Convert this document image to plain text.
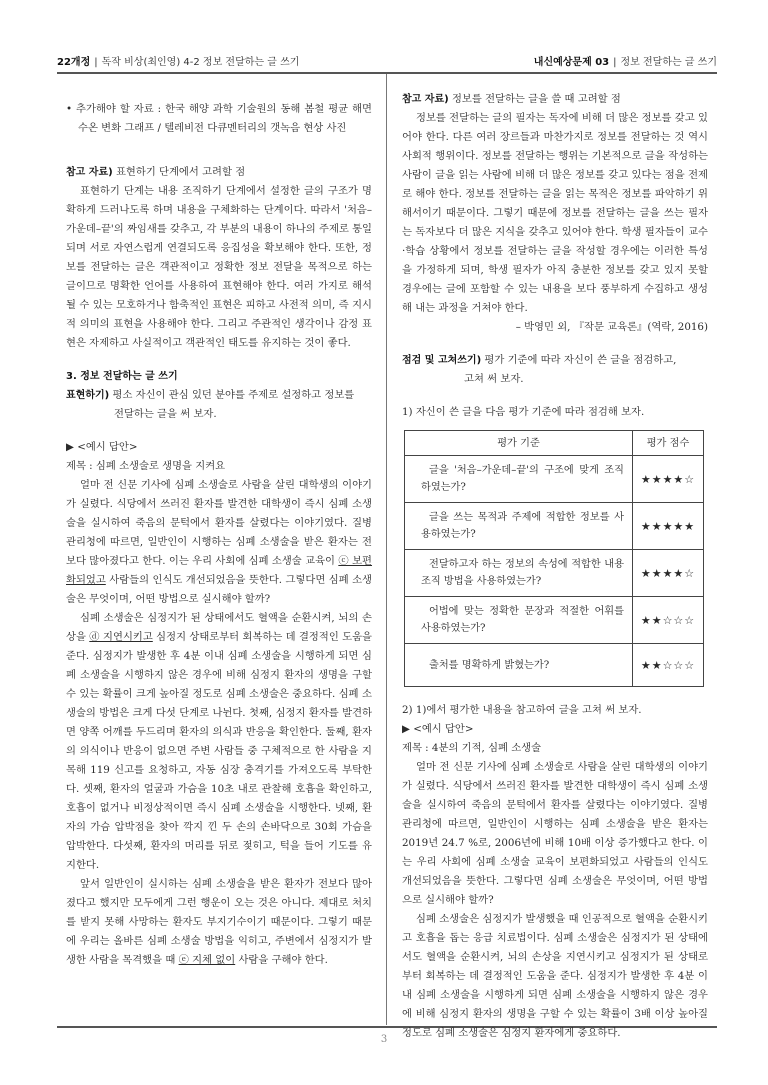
22개정 | 독작 비상(최인영) 4-2 정보 전달하는 글 쓰기	내신예상문제 03 | 정보 전달하는 글 쓰기

• 추가해야 할 자료 : 한국 해양 과학 기술원의 동해 봄철 평균 해면 수온 변화 그래프 / 텔레비전 다큐멘터리의 갯녹음 현상 사진

참고 자료) 표현하기 단계에서 고려할 점

표현하기 단계는 내용 조직하기 단계에서 설정한 글의 구조가 명확하게 드러나도록 하며 내용을 구체화하는 단계이다. 따라서 '처음–가운데–끝'의 짜임새를 갖추고, 각 부분의 내용이 하나의 주제로 통일되며 서로 자연스럽게 연결되도록 응집성을 확보해야 한다. 또한, 정보를 전달하는 글은 객관적이고 정확한 정보 전달을 목적으로 하는 글이므로 명확한 언어를 사용하여 표현해야 한다. 여러 가지로 해석될 수 있는 모호하거나 함축적인 표현은 피하고 사전적 의미, 즉 지시적 의미의 표현을 사용해야 한다. 그리고 주관적인 생각이나 감정 표현은 자제하고 사실적이고 객관적인 태도를 유지하는 것이 좋다.

3. 정보 전달하는 글 쓰기

표현하기) 평소 자신이 관심 있던 분야를 주제로 설정하고 정보를

전달하는 글을 써 보자.

▶ <예시 답안>

제목 : 심폐 소생술로 생명을 지켜요

얼마 전 신문 기사에 심폐 소생술로 사람을 살린 대학생의 이야기가 실렸다. 식당에서 쓰러진 환자를 발견한 대학생이 즉시 심폐 소생술을 실시하여 죽음의 문턱에서 환자를 살렸다는 이야기였다. 질병 관리청에 따르면, 일반인이 시행하는 심폐 소생술을 받은 환자는 전보다 많아졌다고 한다. 이는 우리 사회에 심폐 소생술 교육이 ⓒ 보편화되었고 사람들의 인식도 개선되었음을 뜻한다. 그렇다면 심폐 소생술은 무엇이며, 어떤 방법으로 실시해야 할까?

심폐 소생술은 심정지가 된 상태에서도 혈액을 순환시켜, 뇌의 손상을 ⓓ 지연시키고 심정지 상태로부터 회복하는 데 결정적인 도움을 준다. 심정지가 발생한 후 4분 이내 심폐 소생술을 시행하게 되면 심폐 소생술을 시행하지 않은 경우에 비해 심정지 환자의 생명을 구할 수 있는 확률이 크게 높아질 정도로 심폐 소생술은 중요하다. 심폐 소생술의 방법은 크게 다섯 단계로 나뉜다. 첫째, 심정지 환자를 발견하면 양쪽 어깨를 두드리며 환자의 의식과 반응을 확인한다. 둘째, 환자의 의식이나 반응이 없으면 주변 사람들 중 구체적으로 한 사람을 지목해 119 신고를 요청하고, 자동 심장 충격기를 가져오도록 부탁한다. 셋째, 환자의 얼굴과 가슴을 10초 내로 관찰해 호흡을 확인하고, 호흡이 없거나 비정상적이면 즉시 심폐 소생술을 시행한다. 넷째, 환자의 가슴 압박점을 찾아 깍지 낀 두 손의 손바닥으로 30회 가슴을 압박한다. 다섯째, 환자의 머리를 뒤로 젖히고, 턱을 들어 기도를 유지한다.

앞서 일반인이 실시하는 심폐 소생술을 받은 환자가 전보다 많아졌다고 했지만 모두에게 그런 행운이 오는 것은 아니다. 제대로 처치를 받지 못해 사망하는 환자도 부지기수이기 때문이다. 그렇기 때문에 우리는 올바른 심폐 소생술 방법을 익히고, 주변에서 심정지가 발생한 사람을 목격했을 때 ⓔ 지체 없이 사람을 구해야 한다.

참고 자료) 정보를 전달하는 글을 쓸 때 고려할 점

정보를 전달하는 글의 필자는 독자에 비해 더 많은 정보를 갖고 있어야 한다. 다른 여러 장르들과 마찬가지로 정보를 전달하는 것 역시 사회적 행위이다. 정보를 전달하는 행위는 기본적으로 글을 작성하는 사람이 글을 읽는 사람에 비해 더 많은 정보를 갖고 있다는 점을 전제로 해야 한다. 정보를 전달하는 글을 읽는 목적은 정보를 파악하기 위해서이기 때문이다. 그렇기 때문에 정보를 전달하는 글을 쓰는 필자는 독자보다 더 많은 지식을 갖추고 있어야 한다. 학생 필자들이 교수·학습 상황에서 정보를 전달하는 글을 작성할 경우에는 이러한 특성을 가정하게 되며, 학생 필자가 아직 충분한 정보를 갖고 있지 못할 경우에는 글에 포함할 수 있는 내용을 보다 풍부하게 수집하고 생성해 내는 과정을 거쳐야 한다.

– 박영민 외, 『작문 교육론』(역락, 2016)

점검 및 고쳐쓰기) 평가 기준에 따라 자신이 쓴 글을 점검하고,

고쳐 써 보자.

1) 자신이 쓴 글을 다음 평가 기준에 따라 점검해 보자.

평가 기준	평가 점수

글을 '처음–가운데–끝'의 구조에 맞게 조직하였는가?	★★★★☆

글을 쓰는 목적과 주제에 적합한 정보를 사용하였는가?	★★★★★

전달하고자 하는 정보의 속성에 적합한 내용 조직 방법을 사용하였는가?	★★★★☆

어법에 맞는 정확한 문장과 적절한 어휘를 사용하였는가?	★★☆☆☆

출처를 명확하게 밝혔는가?	★★☆☆☆

2) 1)에서 평가한 내용을 참고하여 글을 고쳐 써 보자.

▶ <예시 답안>

제목 : 4분의 기적, 심폐 소생술

얼마 전 신문 기사에 심폐 소생술로 사람을 살린 대학생의 이야기가 실렸다. 식당에서 쓰러진 환자를 발견한 대학생이 즉시 심폐 소생술을 실시하여 죽음의 문턱에서 환자를 살렸다는 이야기였다. 질병 관리청에 따르면, 일반인이 시행하는 심폐 소생술을 받은 환자는 2019년 24.7 %로, 2006년에 비해 10배 이상 증가했다고 한다. 이는 우리 사회에 심폐 소생술 교육이 보편화되었고 사람들의 인식도 개선되었음을 뜻한다. 그렇다면 심폐 소생술은 무엇이며, 어떤 방법으로 실시해야 할까?

심폐 소생술은 심정지가 발생했을 때 인공적으로 혈액을 순환시키고 호흡을 돕는 응급 치료법이다. 심폐 소생술은 심정지가 된 상태에서도 혈액을 순환시켜, 뇌의 손상을 지연시키고 심정지가 된 상태로부터 회복하는 데 결정적인 도움을 준다. 심정지가 발생한 후 4분 이내 심폐 소생술을 시행하게 되면 심폐 소생술을 시행하지 않은 경우에 비해 심정지 환자의 생명을 구할 수 있는 확률이 3배 이상 높아질 정도로 심폐 소생술은 심정지 환자에게 중요하다.

3
